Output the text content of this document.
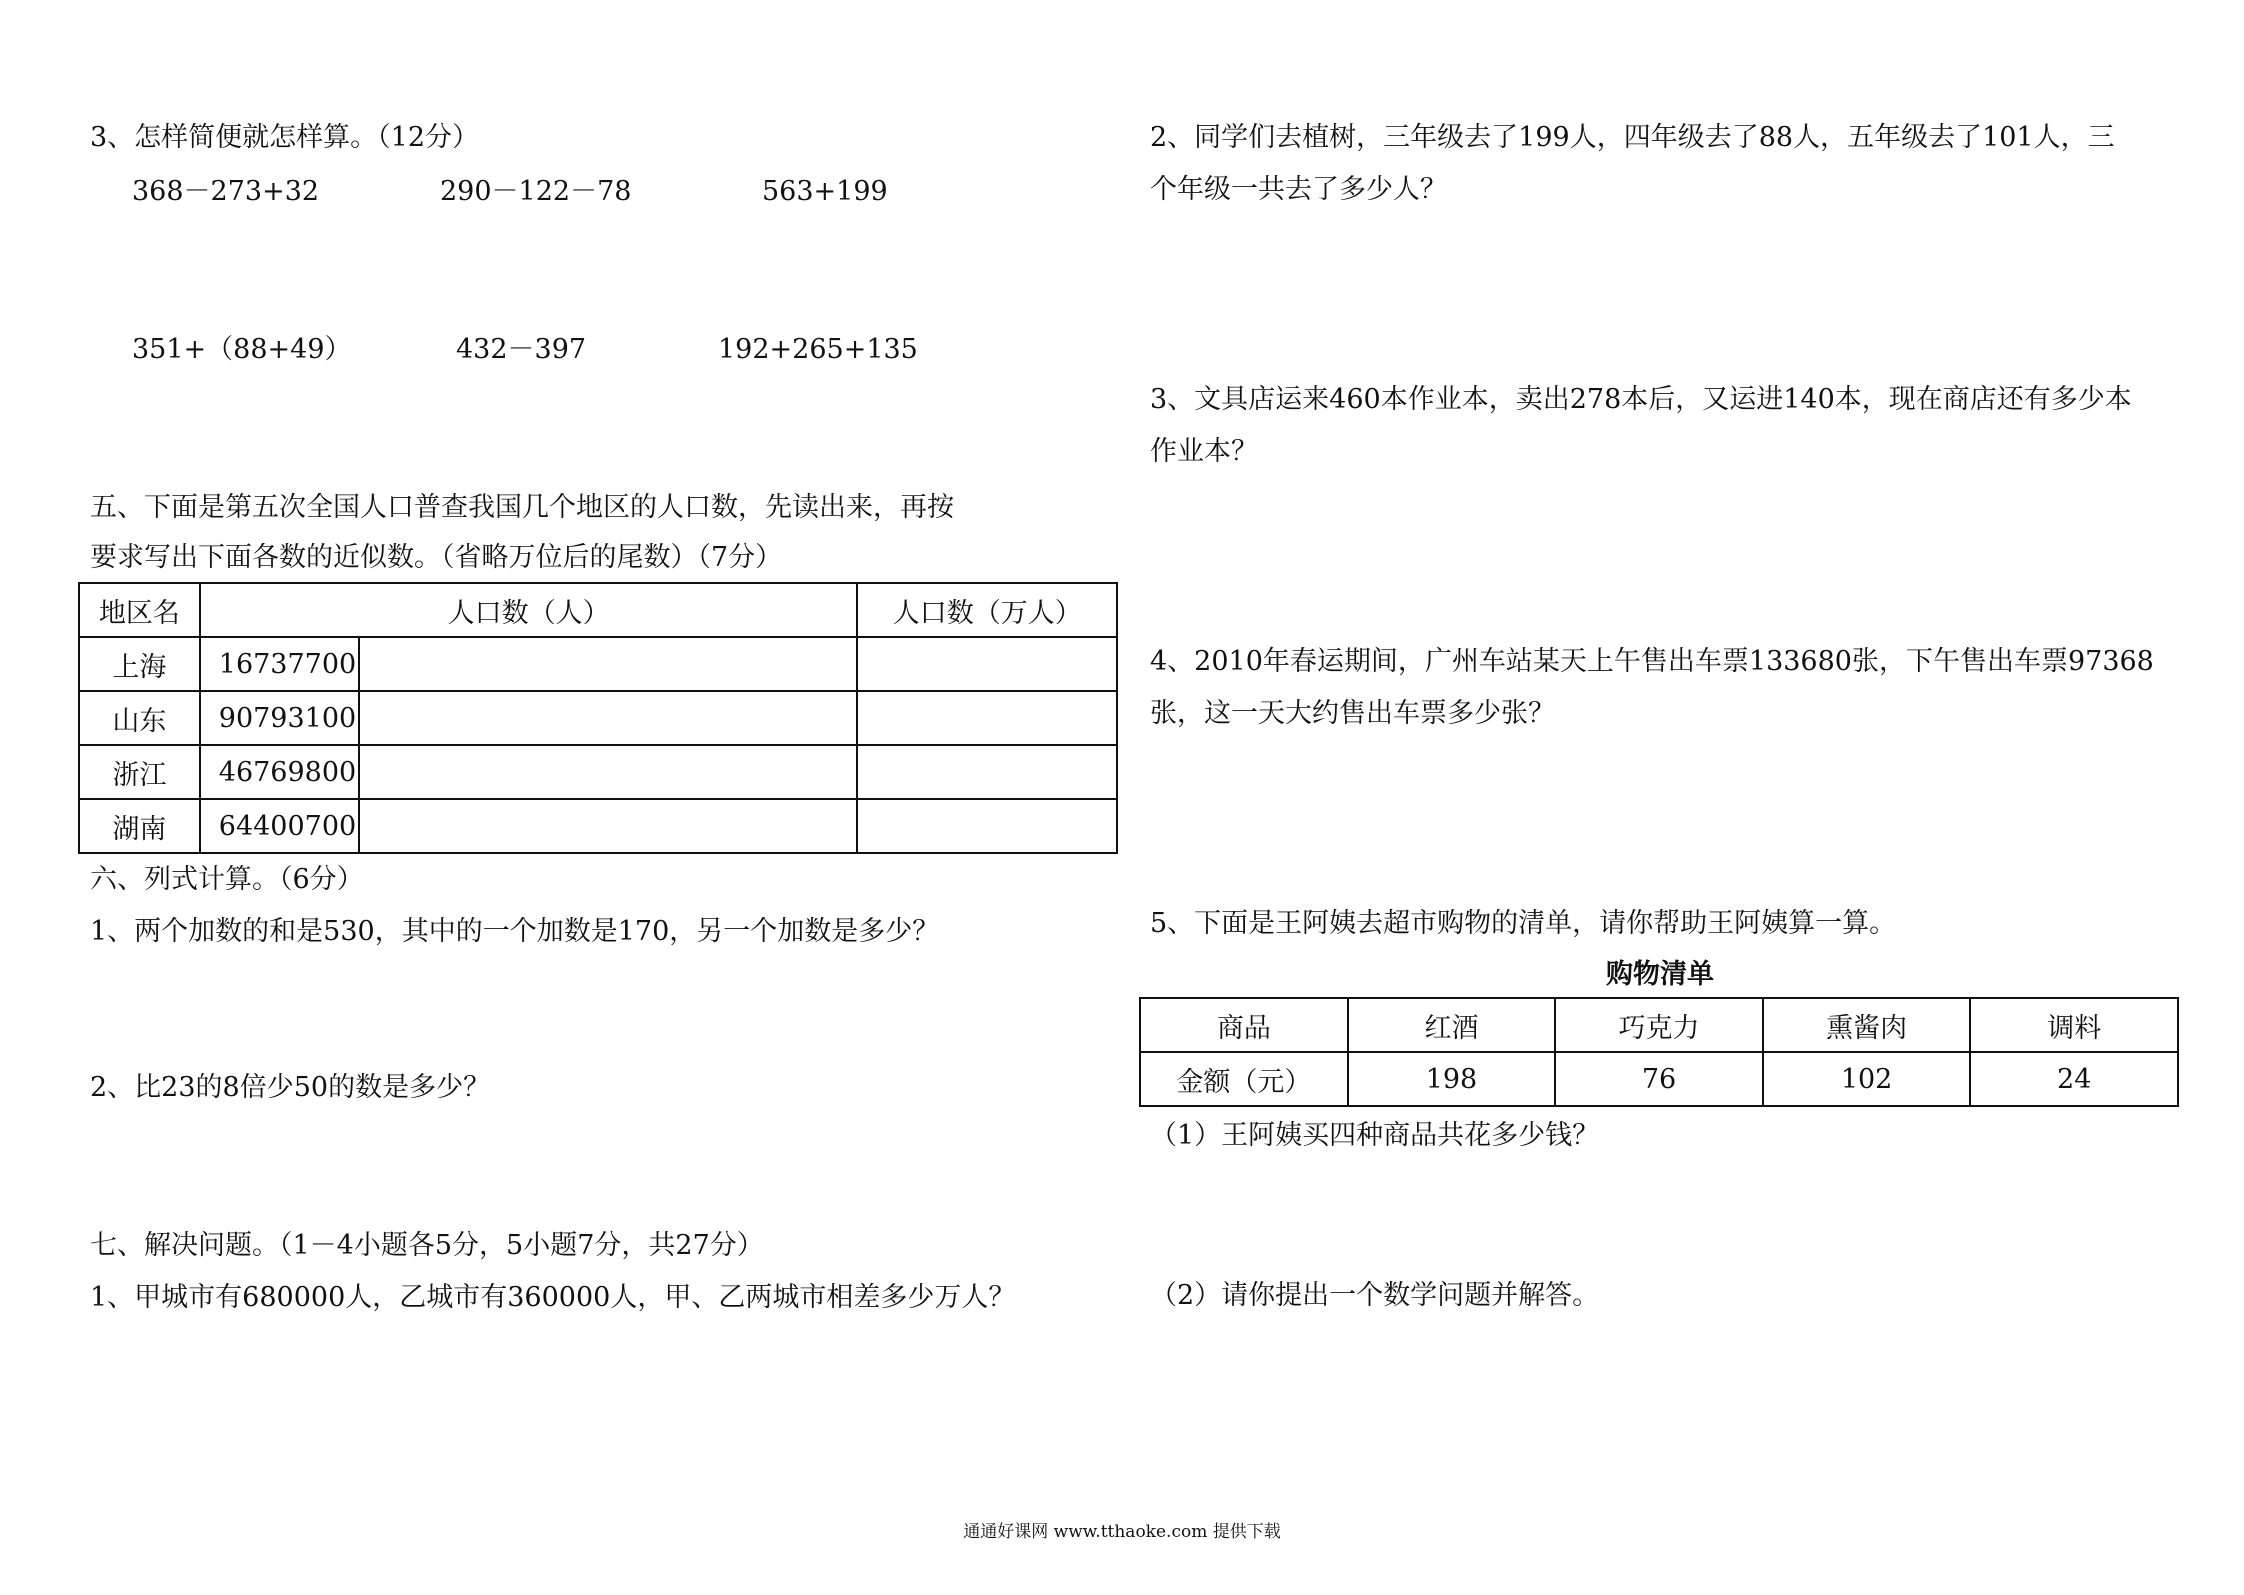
3、怎样简便就怎样算。（12分）
368－273+32	290－122－78	563+199
351+（88+49）	432－397	192+265+135
五、下面是第五次全国人口普查我国几个地区的人口数，先读出来，再按
要求写出下面各数的近似数。（省略万位后的尾数）（7分）
地区名	人口数（人）		人口数（万人）
上海	16737700		
山东	90793100		
浙江	46769800		
湖南	64400700		
六、列式计算。（6分）
1、两个加数的和是530，其中的一个加数是170，另一个加数是多少？
2、比23的8倍少50的数是多少？
七、解决问题。（1－4小题各5分，5小题7分，共27分）
1、甲城市有680000人，乙城市有360000人，甲、乙两城市相差多少万人？
2、同学们去植树，三年级去了199人，四年级去了88人，五年级去了101人，三
个年级一共去了多少人？
3、文具店运来460本作业本，卖出278本后，又运进140本，现在商店还有多少本
作业本？
4、2010年春运期间，广州车站某天上午售出车票133680张，下午售出车票97368
张，这一天大约售出车票多少张？
5、下面是王阿姨去超市购物的清单，请你帮助王阿姨算一算。
购物清单
商品	红酒	巧克力	熏酱肉	调料
金额（元）	198	76	102	24
（1）王阿姨买四种商品共花多少钱？
（2）请你提出一个数学问题并解答。
通通好课网 www.tthaoke.com 提供下载
